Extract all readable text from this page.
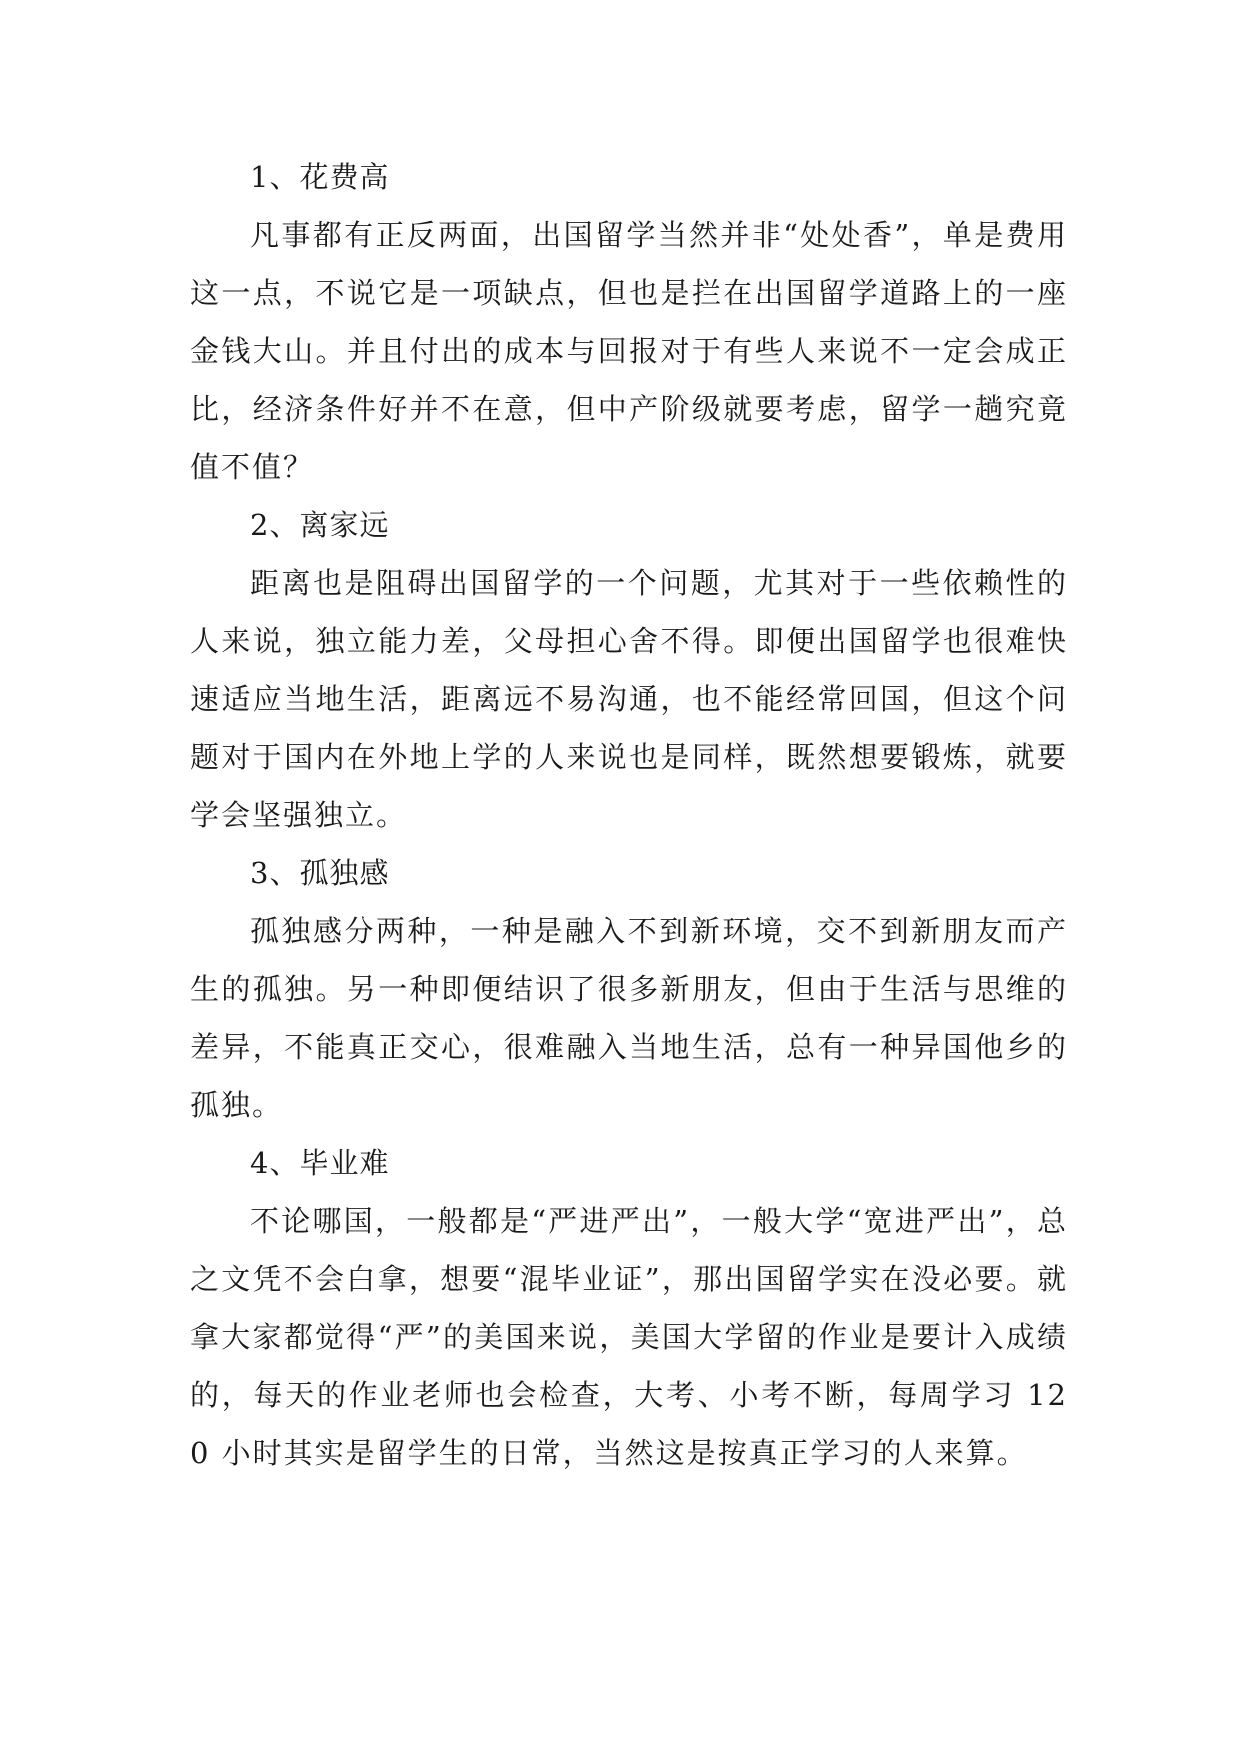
1、花费高
凡事都有正反两面，出国留学当然并非“处处香”，单是费用这一点，不说它是一项缺点，但也是拦在出国留学道路上的一座金钱大山。并且付出的成本与回报对于有些人来说不一定会成正比，经济条件好并不在意，但中产阶级就要考虑，留学一趟究竟值不值？
2、离家远
距离也是阻碍出国留学的一个问题，尤其对于一些依赖性的人来说，独立能力差，父母担心舍不得。即便出国留学也很难快速适应当地生活，距离远不易沟通，也不能经常回国，但这个问题对于国内在外地上学的人来说也是同样，既然想要锻炼，就要学会坚强独立。
3、孤独感
孤独感分两种，一种是融入不到新环境，交不到新朋友而产生的孤独。另一种即便结识了很多新朋友，但由于生活与思维的差异，不能真正交心，很难融入当地生活，总有一种异国他乡的孤独。
4、毕业难
不论哪国，一般都是“严进严出”，一般大学“宽进严出”，总之文凭不会白拿，想要“混毕业证”，那出国留学实在没必要。就拿大家都觉得“严”的美国来说，美国大学留的作业是要计入成绩的，每天的作业老师也会检查，大考、小考不断，每周学习 120 小时其实是留学生的日常，当然这是按真正学习的人来算。
